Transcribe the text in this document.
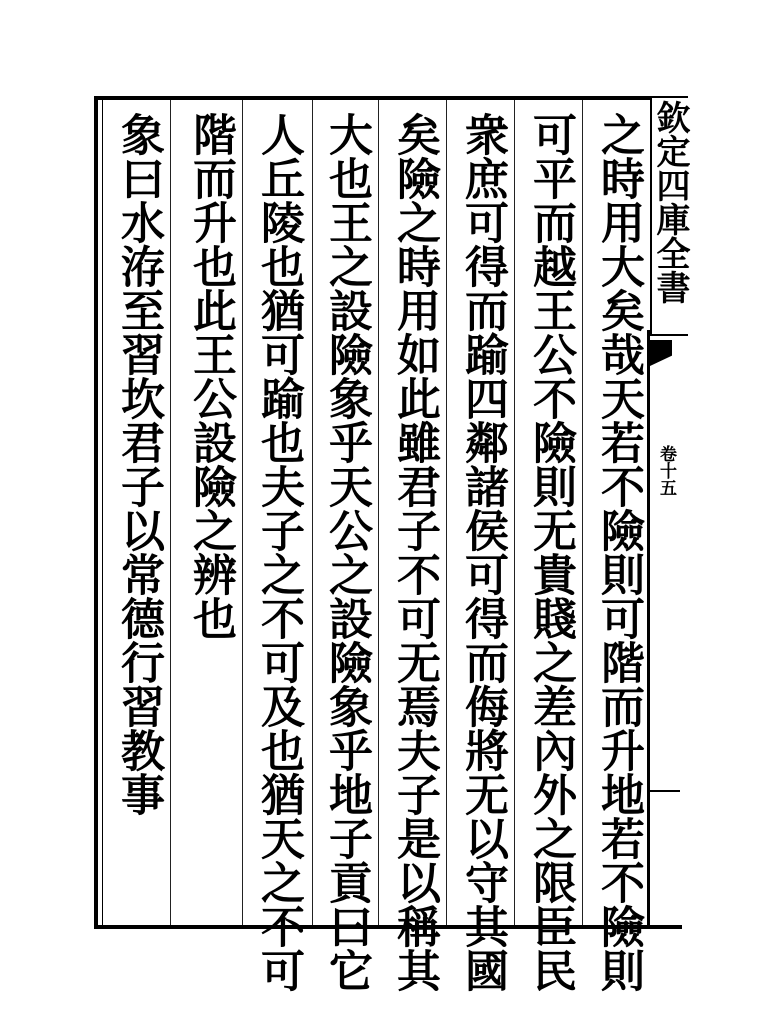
欽定四庫全書
卷十五
之時用大矣哉天若不險則可階而升地若不險則
可平而越王公不險則无貴賤之差內外之限臣民
衆庶可得而踰四鄰諸侯可得而侮將无以守其國
矣險之時用如此雖君子不可无焉夫子是以稱其
大也王之設險象乎天公之設險象乎地子貢曰它
人丘陵也猶可踰也夫子之不可及也猶天之不可
階而升也此王公設險之辨也
象曰水洊至習坎君子以常德行習教事
